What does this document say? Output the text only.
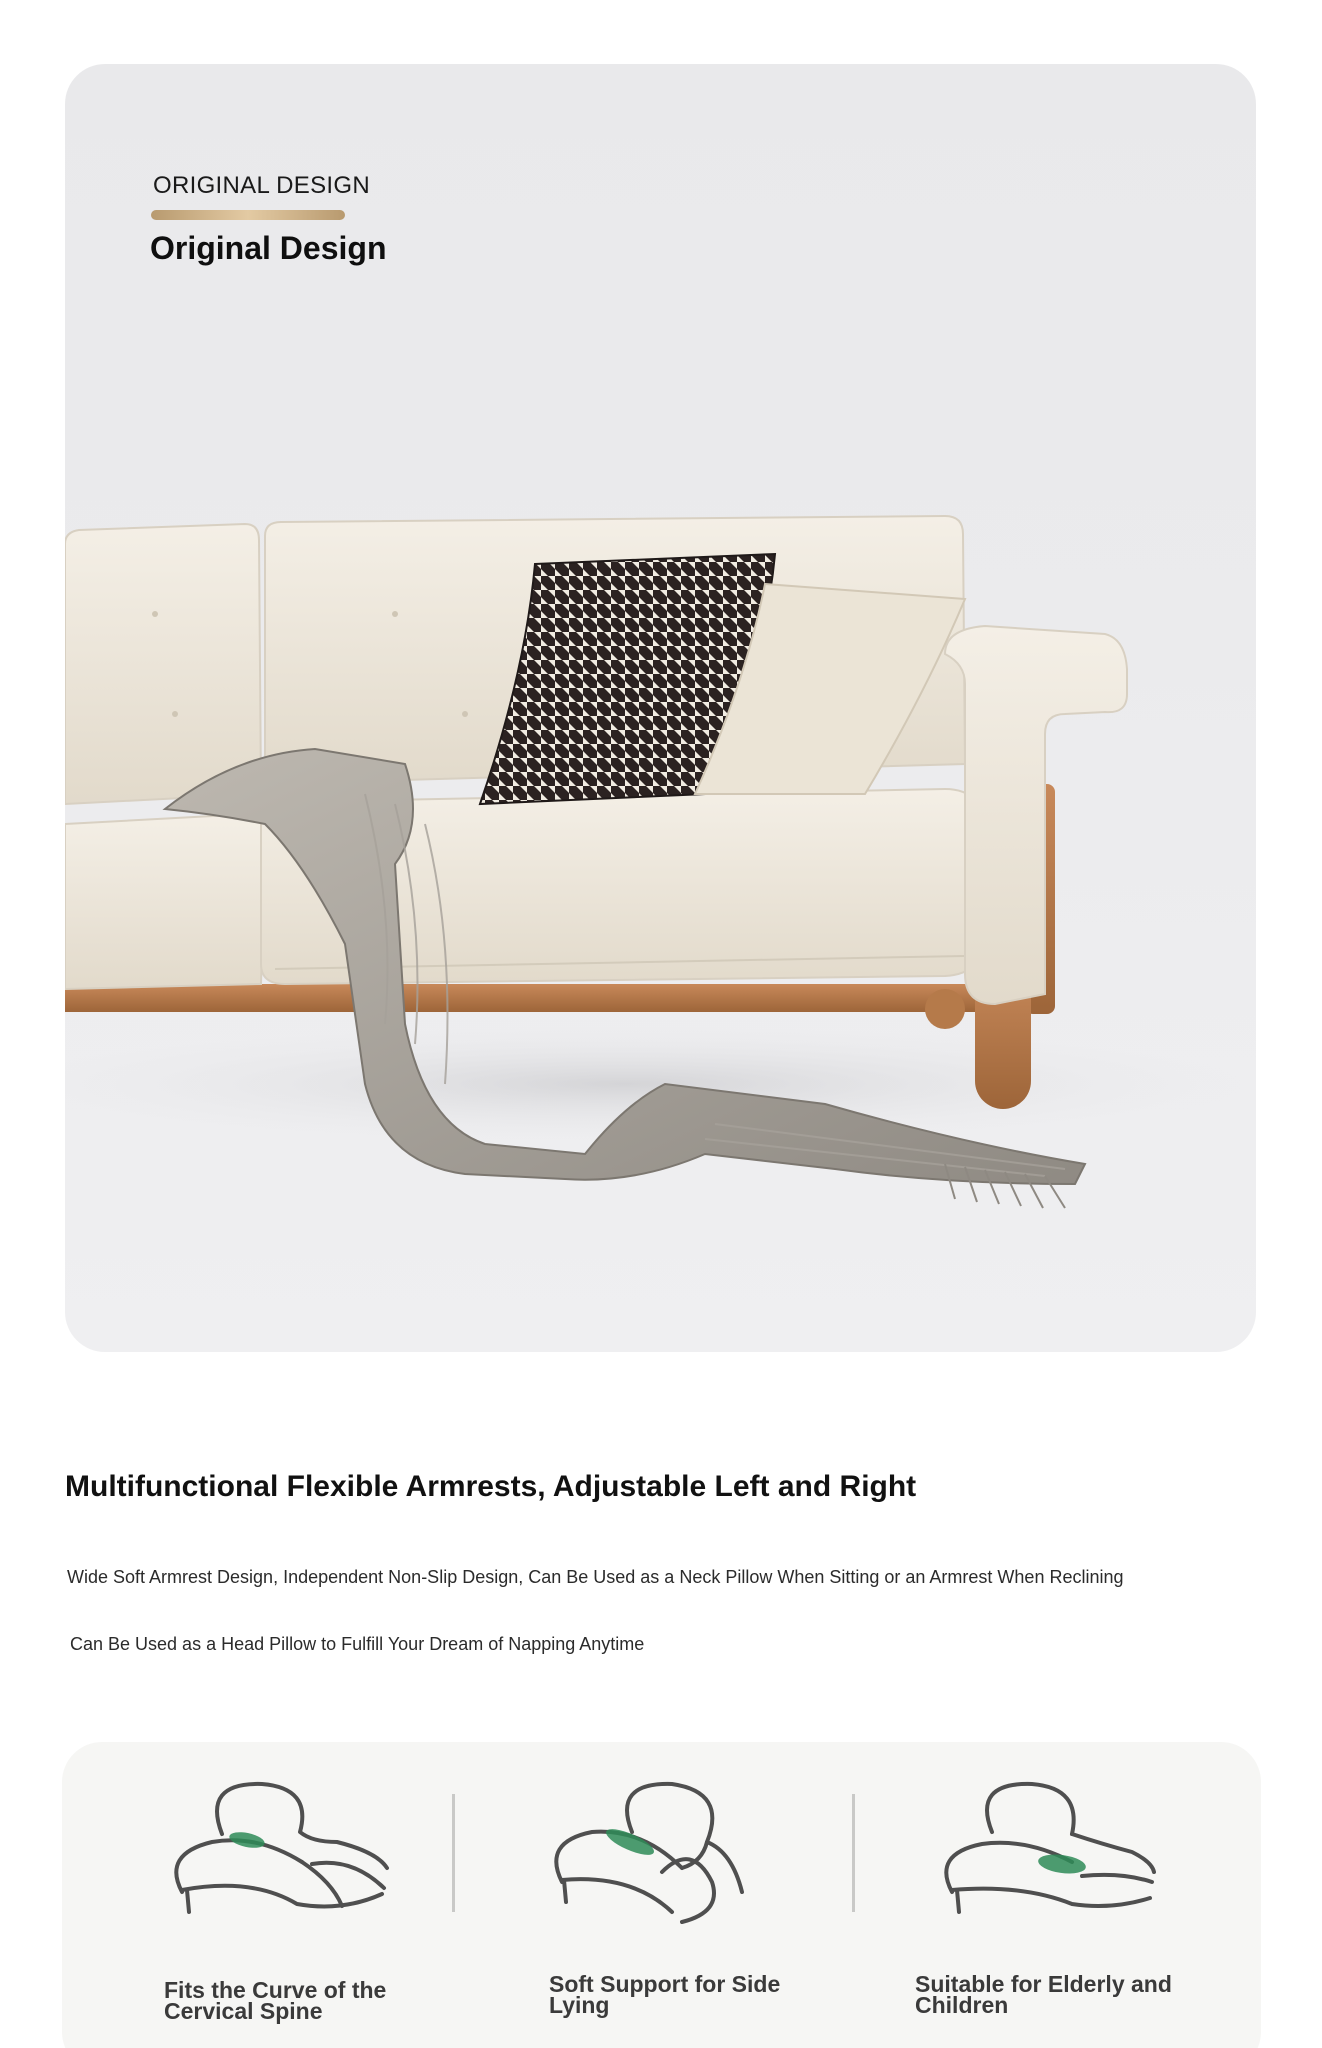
ORIGINAL DESIGN
Original Design
Multifunctional Flexible Armrests, Adjustable Left and Right
Wide Soft Armrest Design, Independent Non-Slip Design, Can Be Used as a Neck Pillow When Sitting or an Armrest When Reclining
Can Be Used as a Head Pillow to Fulfill Your Dream of Napping Anytime
Fits the Curve of the Cervical Spine
Soft Support for Side Lying
Suitable for Elderly and Children
